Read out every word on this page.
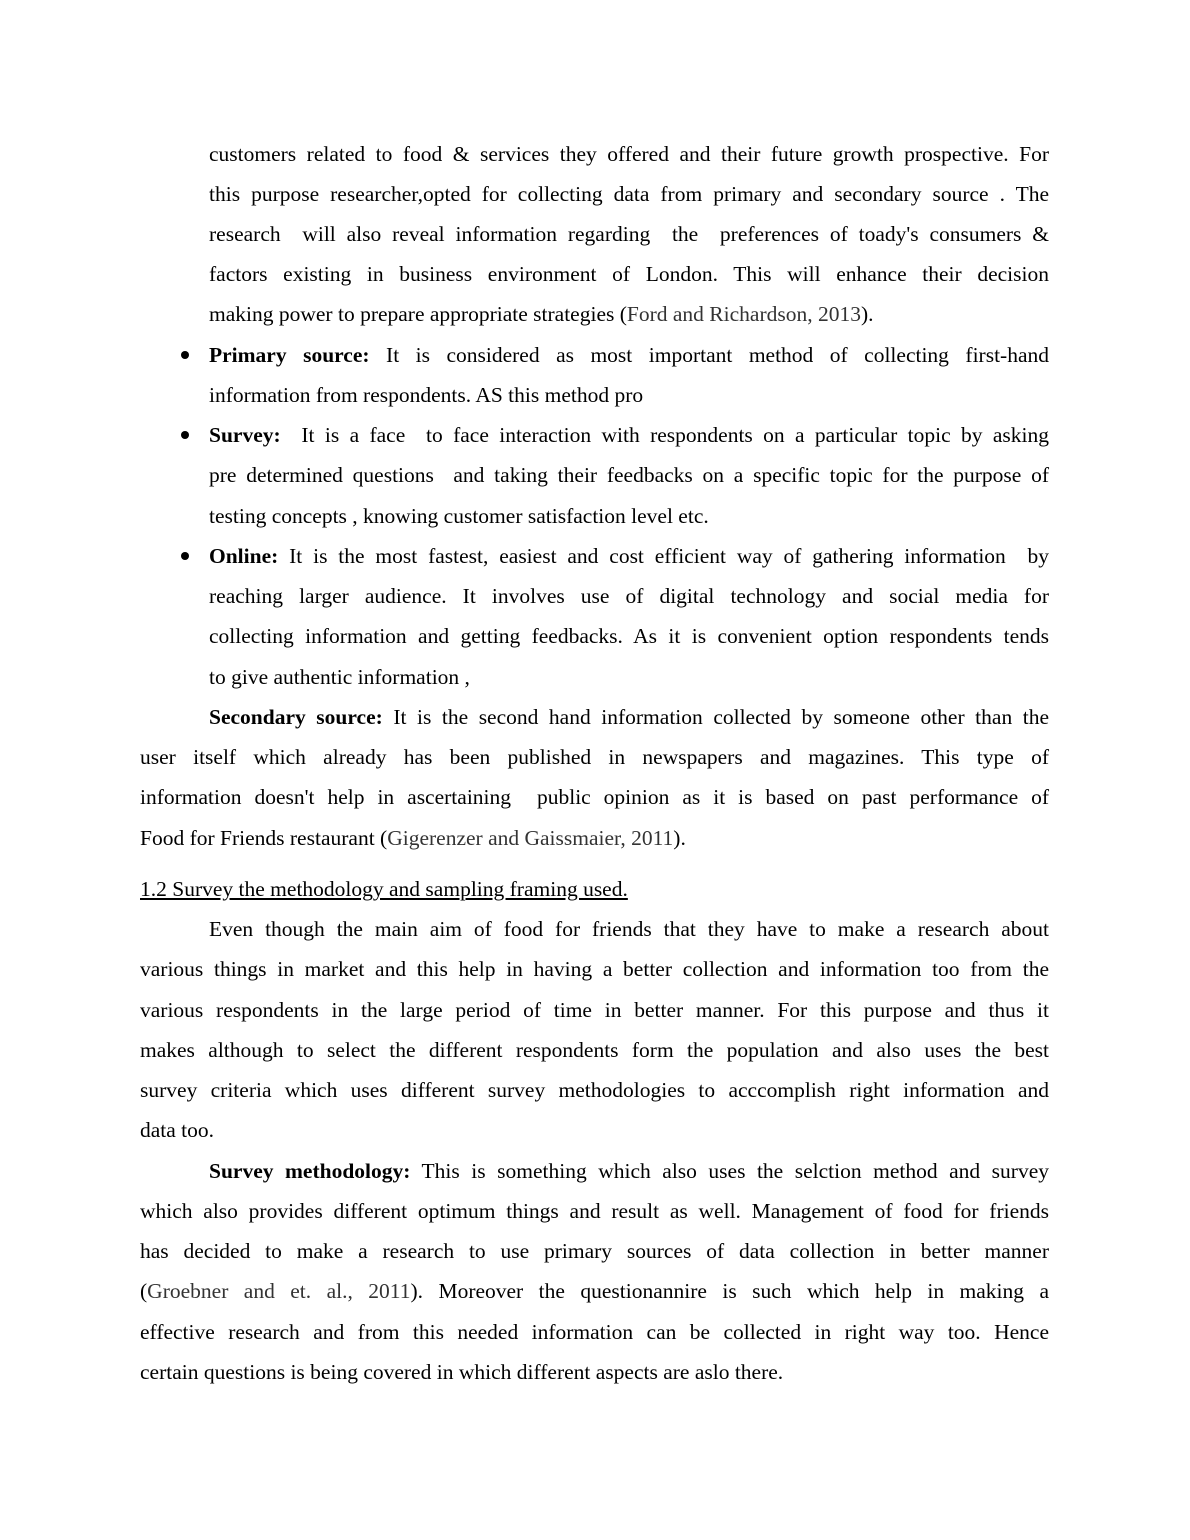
customers related to food & services they offered and their future growth prospective. For
this purpose researcher,opted for collecting data from primary and secondary source . The
research  will also reveal information regarding  the  preferences of toady's consumers &
factors existing in business environment of London. This will enhance their decision
making power to prepare appropriate strategies (Ford and Richardson, 2013).
Primary source: It is considered as most important method of collecting first-hand
information from respondents. AS this method pro
Survey:  It is a face  to face interaction with respondents on a particular topic by asking
pre determined questions  and taking their feedbacks on a specific topic for the purpose of
testing concepts , knowing customer satisfaction level etc.
Online: It is the most fastest, easiest and cost efficient way of gathering information  by
reaching larger audience. It involves use of digital technology and social media for
collecting information and getting feedbacks. As it is convenient option respondents tends
to give authentic information ,
Secondary source: It is the second hand information collected by someone other than the
user itself which already has been published in newspapers and magazines. This type of
information doesn't help in ascertaining  public opinion as it is based on past performance of
Food for Friends restaurant (Gigerenzer and Gaissmaier, 2011).
1.2 Survey the methodology and sampling framing used.
Even though the main aim of food for friends that they have to make a research about
various things in market and this help in having a better collection and information too from the
various respondents in the large period of time in better manner. For this purpose and thus it
makes although to select the different respondents form the population and also uses the best
survey criteria which uses different survey methodologies to acccomplish right information and
data too.
Survey methodology: This is something which also uses the selction method and survey
which also provides different optimum things and result as well. Management of food for friends
has decided to make a research to use primary sources of data collection in better manner
(Groebner and et. al., 2011). Moreover the questionannire is such which help in making a
effective research and from this needed information can be collected in right way too. Hence
certain questions is being covered in which different aspects are aslo there.
